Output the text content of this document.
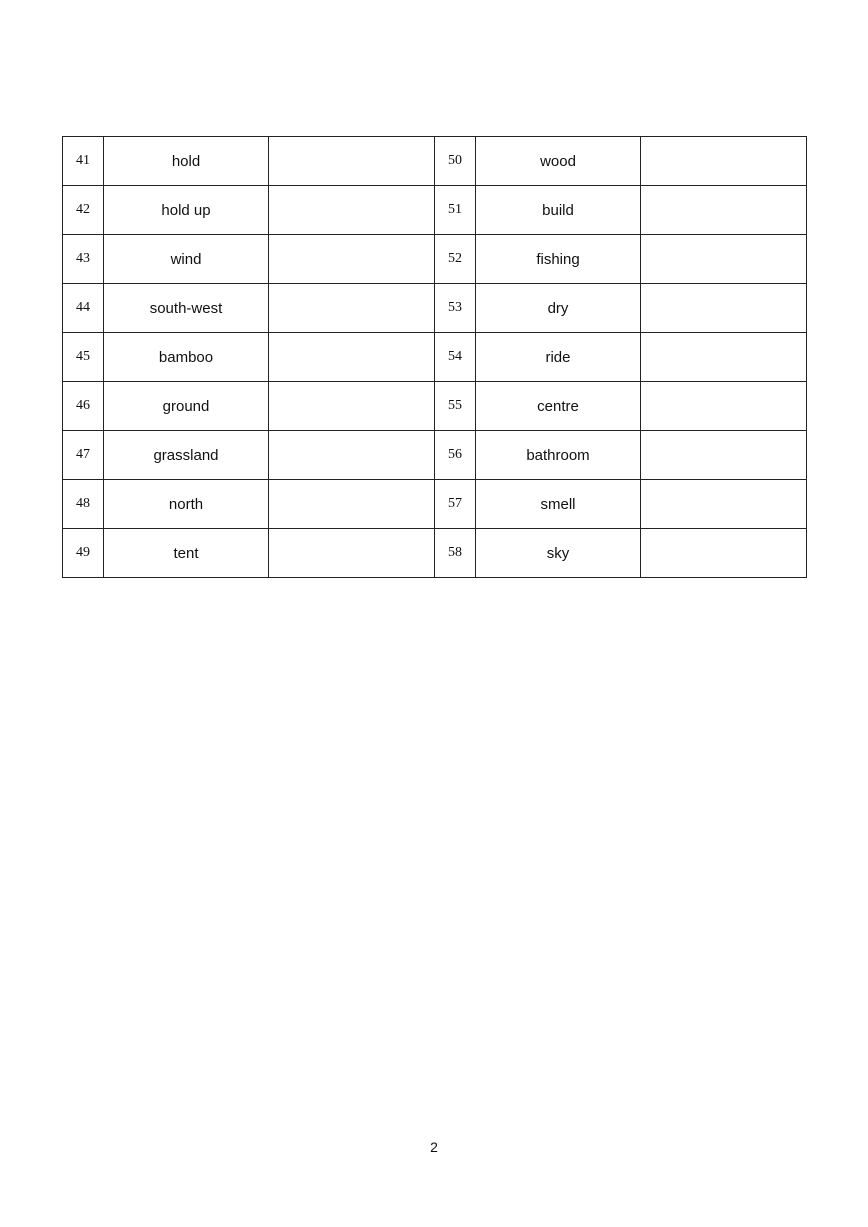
41	hold		50	wood	
42	hold up		51	build	
43	wind		52	fishing	
44	south-west		53	dry	
45	bamboo		54	ride	
46	ground		55	centre	
47	grassland		56	bathroom	
48	north		57	smell	
49	tent		58	sky	
2
